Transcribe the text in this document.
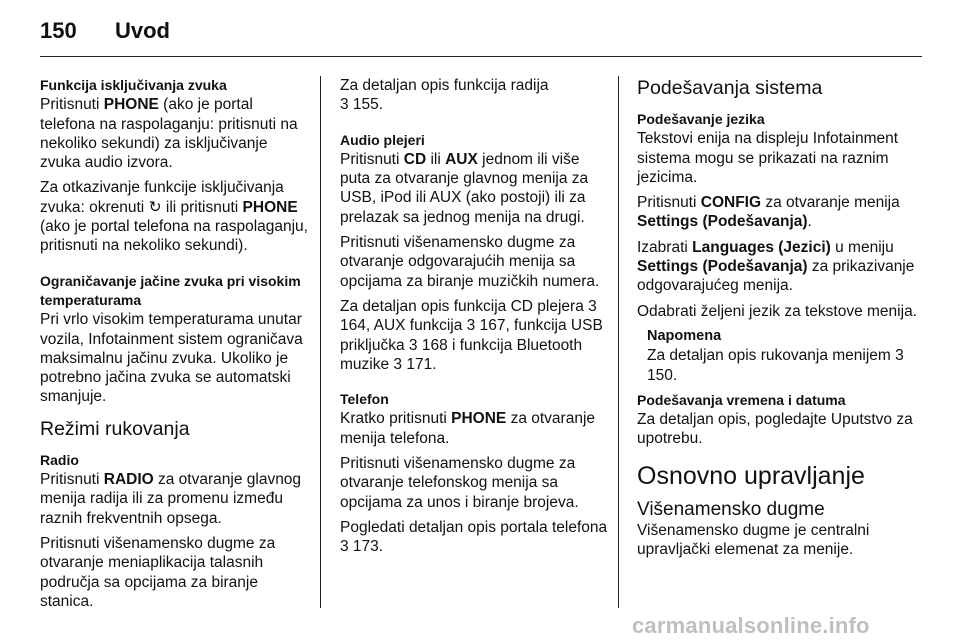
150 Uvod
Funkcija isključivanja zvuka

Pritisnuti PHONE (ako je portal telefona na raspolaganju: pritisnuti na nekoliko sekundi) za isključivanje zvuka audio izvora.

Za otkazivanje funkcije isključivanja zvuka: okrenuti ↻ ili pritisnuti PHONE (ako je portal telefona na raspolaganju, pritisnuti na nekoliko sekundi).

Ograničavanje jačine zvuka pri visokim temperaturama

Pri vrlo visokim temperaturama unutar vozila, Infotainment sistem ograničava maksimalnu jačinu zvuka. Ukoliko je potrebno jačina zvuka se automatski smanjuje.

Režimi rukovanja
Radio

Pritisnuti RADIO za otvaranje glavnog menija radija ili za promenu između raznih frekventnih opsega.

Pritisnuti višenamensko dugme za otvaranje meniaplikacija talasnih područja sa opcijama za biranje stanica.

Za detaljan opis funkcija radija
3 155.

Audio plejeri

Pritisnuti CD ili AUX jednom ili više puta za otvaranje glavnog menija za USB, iPod ili AUX (ako postoji) ili za prelazak sa jednog menija na drugi.

Pritisnuti višenamensko dugme za otvaranje odgovarajućih menija sa opcijama za biranje muzičkih numera.

Za detaljan opis funkcija CD plejera 3 164, AUX funkcija 3 167, funkcija USB priključka 3 168 i funkcija Bluetooth muzike 3 171.

Telefon

Kratko pritisnuti PHONE za otvaranje menija telefona.

Pritisnuti višenamensko dugme za otvaranje telefonskog menija sa opcijama za unos i biranje brojeva.

Pogledati detaljan opis portala telefona 3 173.

Podešavanja sistema
Podešavanje jezika

Tekstovi enija na displeju Infotainment sistema mogu se prikazati na raznim jezicima.

Pritisnuti CONFIG za otvaranje menija Settings (Podešavanja).

Izabrati Languages (Jezici) u meniju Settings (Podešavanja) za prikazivanje odgovarajućeg menija.

Odabrati željeni jezik za tekstove menija.

Napomena
Za detaljan opis rukovanja menijem 3 150.
Podešavanja vremena i datuma

Za detaljan opis, pogledajte Uputstvo za upotrebu.

Osnovno upravljanje
Višenamensko dugme

Višenamensko dugme je centralni upravljački elemenat za menije.

carmanualsonline.info
